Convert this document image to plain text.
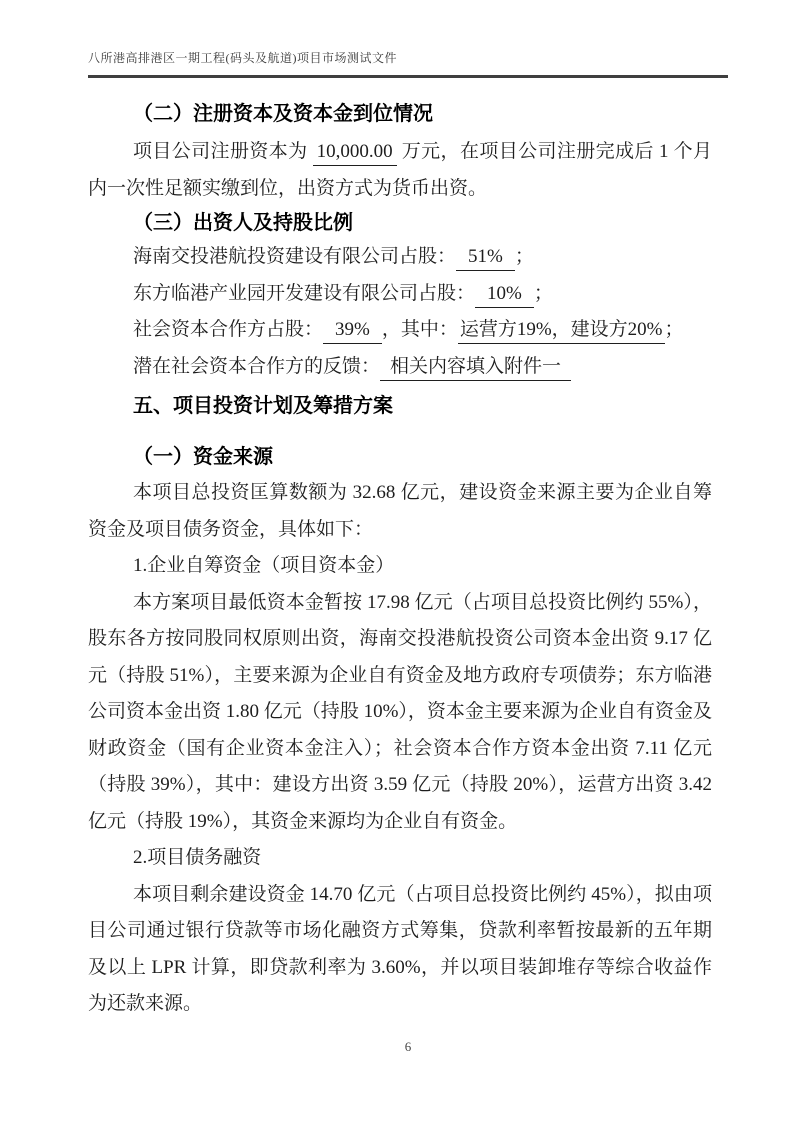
八所港高排港区一期工程(码头及航道)项目市场测试文件
（二）注册资本及资本金到位情况

项目公司注册资本为 10,000.00 万元，在项目公司注册完成后 1 个月内一次性足额实缴到位，出资方式为货币出资。

（三）出资人及持股比例
海南交投港航投资建设有限公司占股： 51% ；
东方临港产业园开发建设有限公司占股： 10% ；
社会资本合作方占股： 39% ，其中： 运营方19%，建设方20% ；
潜在社会资本合作方的反馈： 相关内容填入附件一
五、项目投资计划及筹措方案
（一）资金来源

本项目总投资匡算数额为 32.68 亿元，建设资金来源主要为企业自筹资金及项目债务资金，具体如下：

1.企业自筹资金（项目资本金）

本方案项目最低资本金暂按 17.98 亿元（占项目总投资比例约 55%），股东各方按同股同权原则出资，海南交投港航投资公司资本金出资 9.17 亿元（持股 51%），主要来源为企业自有资金及地方政府专项债券；东方临港公司资本金出资 1.80 亿元（持股 10%），资本金主要来源为企业自有资金及财政资金（国有企业资本金注入）；社会资本合作方资本金出资 7.11 亿元（持股 39%），其中：建设方出资 3.59 亿元（持股 20%），运营方出资 3.42 亿元（持股 19%），其资金来源均为企业自有资金。

2.项目债务融资

本项目剩余建设资金 14.70 亿元（占项目总投资比例约 45%），拟由项目公司通过银行贷款等市场化融资方式筹集，贷款利率暂按最新的五年期及以上 LPR 计算，即贷款利率为 3.60%，并以项目装卸堆存等综合收益作为还款来源。

6
